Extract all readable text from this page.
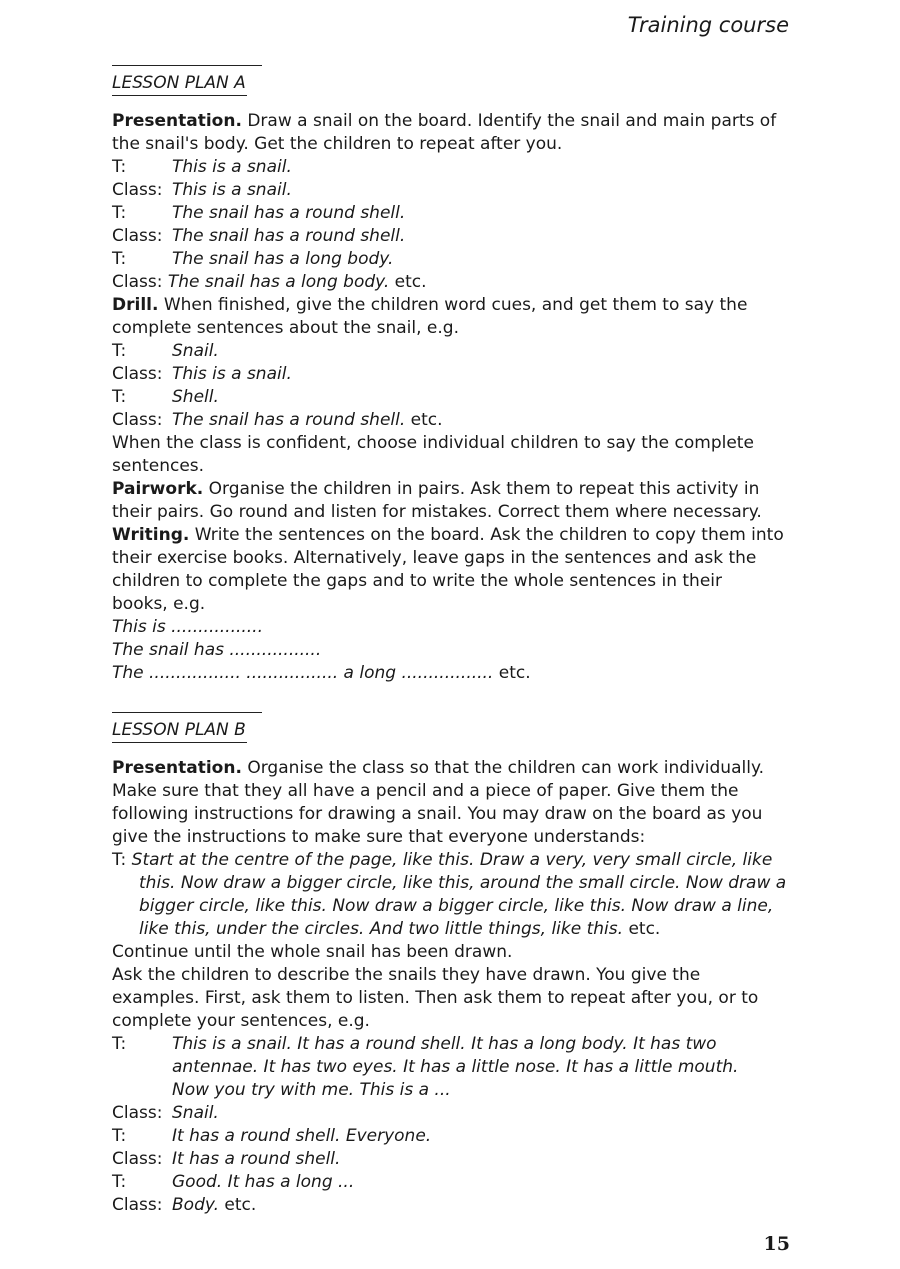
Training course
LESSON PLAN A
Presentation. Draw a snail on the board. Identify the snail and main parts of
the snail's body. Get the children to repeat after you.
T:	This is a snail.
Class: This is a snail.
T:	The snail has a round shell.
Class: The snail has a round shell.
T:	The snail has a long body.
Class: The snail has a long body. etc.
Drill. When finished, give the children word cues, and get them to say the
complete sentences about the snail, e.g.
T:	Snail.
Class: This is a snail.
T:	Shell.
Class: The snail has a round shell. etc.
When the class is confident, choose individual children to say the complete
sentences.
Pairwork. Organise the children in pairs. Ask them to repeat this activity in
their pairs. Go round and listen for mistakes. Correct them where necessary.
Writing. Write the sentences on the board. Ask the children to copy them into
their exercise books. Alternatively, leave gaps in the sentences and ask the
children to complete the gaps and to write the whole sentences in their
books, e.g.
This is .................
The snail has .................
The ................. ................. a long ................. etc.
LESSON PLAN B
Presentation. Organise the class so that the children can work individually.
Make sure that they all have a pencil and a piece of paper. Give them the
following instructions for drawing a snail. You may draw on the board as you
give the instructions to make sure that everyone understands:
T: Start at the centre of the page, like this. Draw a very, very small circle, like this. Now draw a bigger circle, like this, around the small circle. Now draw a bigger circle, like this. Now draw a bigger circle, like this. Now draw a line, like this, under the circles. And two little things, like this. etc.
Continue until the whole snail has been drawn.
Ask the children to describe the snails they have drawn. You give the
examples. First, ask them to listen. Then ask them to repeat after you, or to
complete your sentences, e.g.
T:	This is a snail. It has a round shell. It has a long body. It has two antennae. It has two eyes. It has a little nose. It has a little mouth. Now you try with me. This is a ...
Class: Snail.
T:	It has a round shell. Everyone.
Class: It has a round shell.
T:	Good. It has a long ...
Class: Body. etc.
15
